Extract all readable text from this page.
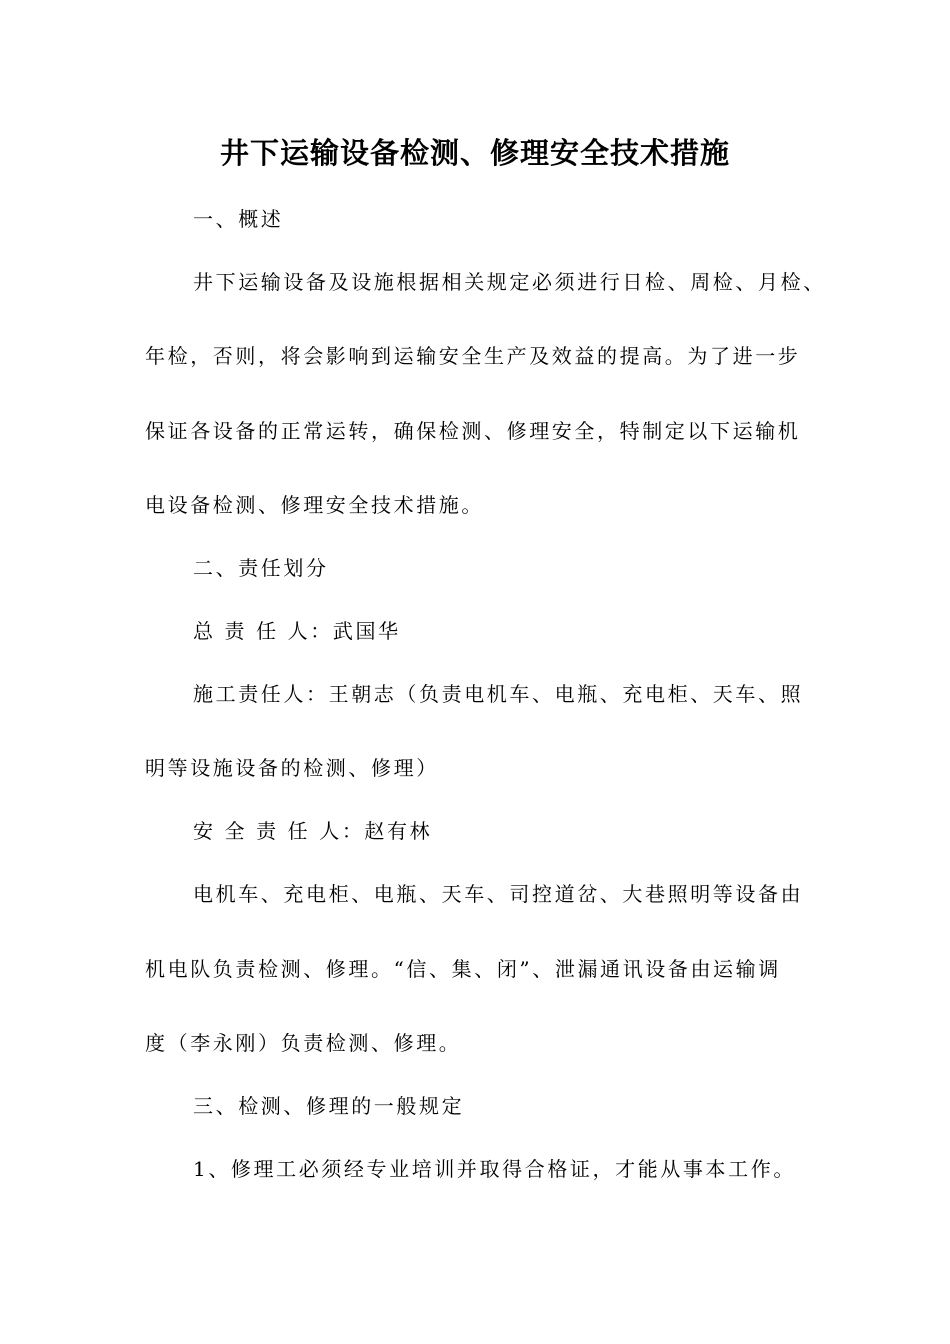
井下运输设备检测、修理安全技术措施
一、概述
井下运输设备及设施根据相关规定必须进行日检、周检、月检、
年检，否则，将会影响到运输安全生产及效益的提高。为了进一步
保证各设备的正常运转，确保检测、修理安全，特制定以下运输机
电设备检测、修理安全技术措施。
二、责任划分
总 责 任 人：武国华
施工责任人：王朝志（负责电机车、电瓶、充电柜、天车、照
明等设施设备的检测、修理）
安 全 责 任 人：赵有林
电机车、充电柜、电瓶、天车、司控道岔、大巷照明等设备由
机电队负责检测、修理。“信、集、闭”、泄漏通讯设备由运输调
度（李永刚）负责检测、修理。
三、检测、修理的一般规定
1、修理工必须经专业培训并取得合格证，才能从事本工作。
